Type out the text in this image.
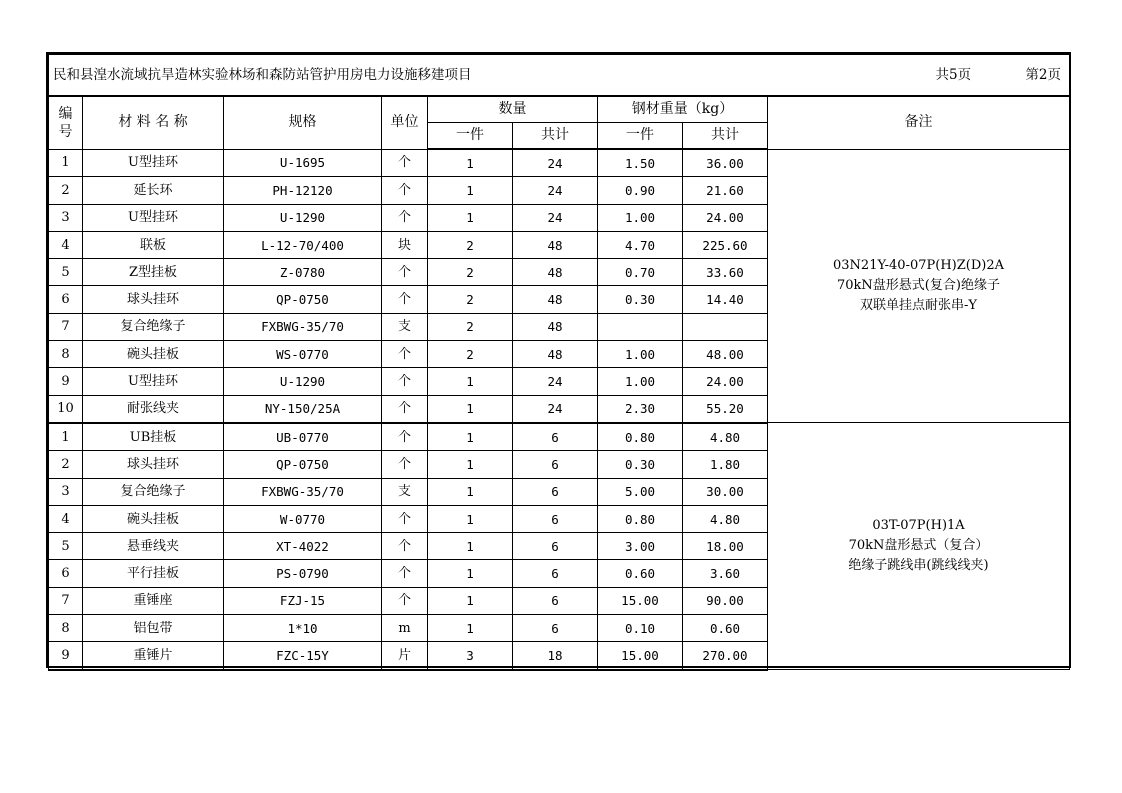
民和县湟水流域抗旱造林实验林场和森防站管护用房电力设施移建项目								共5页 第2页
编
号	材 料 名 称	规格	单位	数量		钢材重量（kg）		备注
				一件	共计	一件	共计	
1	U型挂环	U-1695	个	1	24	1.50	36.00	03N21Y-40-07P(H)Z(D)2A
70kN盘形悬式(复合)绝缘子
双联单挂点耐张串-Y

2	延长环	PH-12120	个	1	24	0.90	21.60	
3	U型挂环	U-1290	个	1	24	1.00	24.00	
4	联板	L-12-70/400	块	2	48	4.70	225.60	
5	Z型挂板	Z-0780	个	2	48	0.70	33.60	
6	球头挂环	QP-0750	个	2	48	0.30	14.40	
7	复合绝缘子	FXBWG-35/70	支	2	48			
8	碗头挂板	WS-0770	个	2	48	1.00	48.00	
9	U型挂环	U-1290	个	1	24	1.00	24.00	
10	耐张线夹	NY-150/25A	个	1	24	2.30	55.20	
1	UB挂板	UB-0770	个	1	6	0.80	4.80	03T-07P(H)1A
70kN盘形悬式（复合）
绝缘子跳线串(跳线线夹)

2	球头挂环	QP-0750	个	1	6	0.30	1.80	
3	复合绝缘子	FXBWG-35/70	支	1	6	5.00	30.00	
4	碗头挂板	W-0770	个	1	6	0.80	4.80	
5	悬垂线夹	XT-4022	个	1	6	3.00	18.00	
6	平行挂板	PS-0790	个	1	6	0.60	3.60	
7	重锤座	FZJ-15	个	1	6	15.00	90.00	
8	铝包带	1*10	m	1	6	0.10	0.60	
9	重锤片	FZC-15Y	片	3	18	15.00	270.00	
